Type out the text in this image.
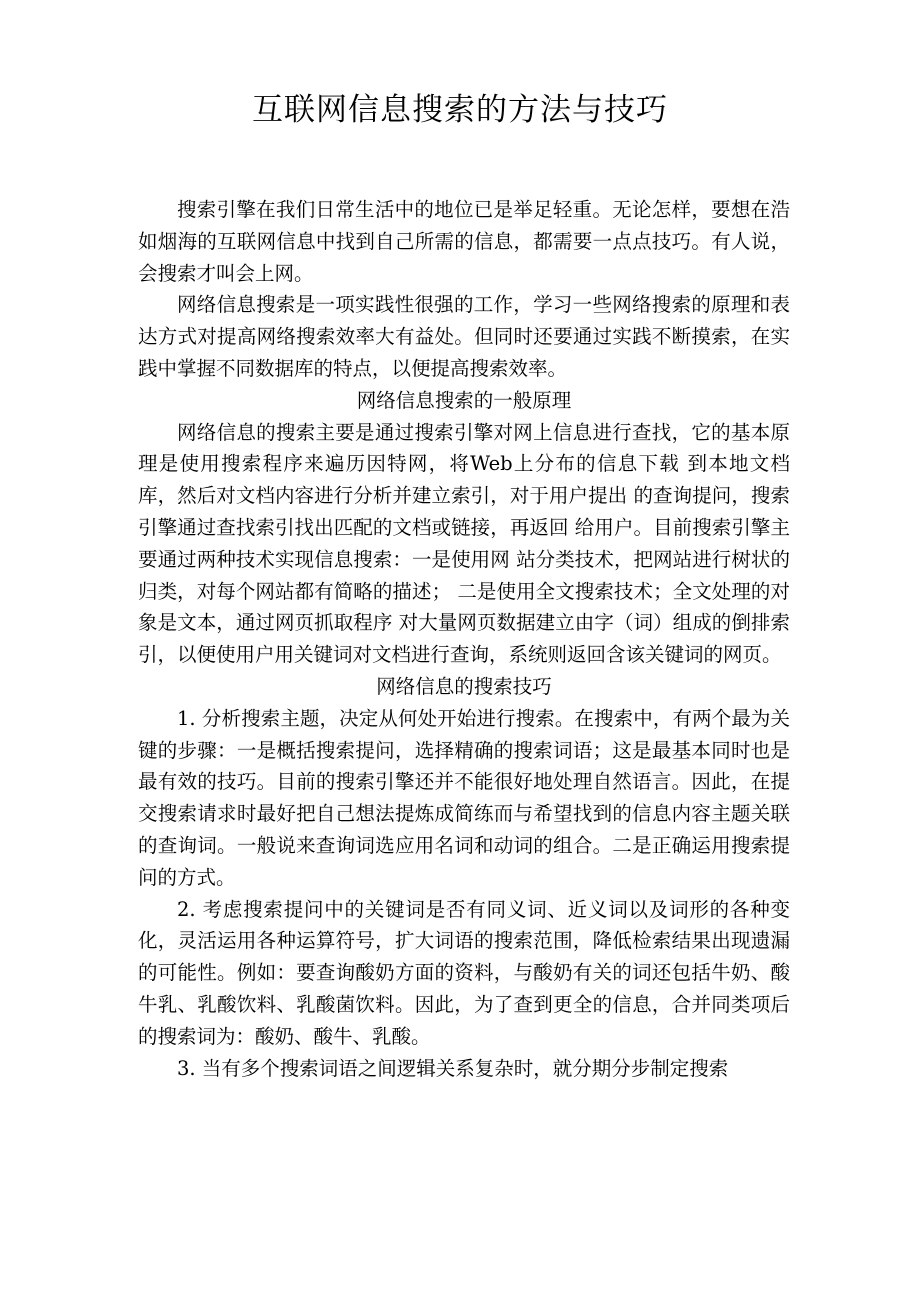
互联网信息搜索的方法与技巧

搜索引擎在我们日常生活中的地位已是举足轻重。无论怎样，要想在浩如烟海的互联网信息中找到自己所需的信息，都需要一点点技巧。有人说，会搜索才叫会上网。

网络信息搜索是一项实践性很强的工作，学习一些网络搜索的原理和表达方式对提高网络搜索效率大有益处。但同时还要通过实践不断摸索，在实践中掌握不同数据库的特点，以便提高搜索效率。

网络信息搜索的一般原理

网络信息的搜索主要是通过搜索引擎对网上信息进行查找，它的基本原理是使用搜索程序来遍历因特网，将Web上分布的信息下载 到本地文档库，然后对文档内容进行分析并建立索引，对于用户提出 的查询提问，搜索引擎通过查找索引找出匹配的文档或链接，再返回 给用户。目前搜索引擎主要通过两种技术实现信息搜索：一是使用网 站分类技术，把网站进行树状的归类，对每个网站都有简略的描述； 二是使用全文搜索技术；全文处理的对象是文本，通过网页抓取程序 对大量网页数据建立由字（词）组成的倒排索引，以便使用户用关键词对文档进行查询，系统则返回含该关键词的网页。

网络信息的搜索技巧

1. 分析搜索主题，决定从何处开始进行搜索。在搜索中，有两个最为关键的步骤：一是概括搜索提问，选择精确的搜索词语；这是最基本同时也是最有效的技巧。目前的搜索引擎还并不能很好地处理自然语言。因此，在提交搜索请求时最好把自己想法提炼成简练而与希望找到的信息内容主题关联的查询词。一般说来查询词选应用名词和动词的组合。二是正确运用搜索提问的方式。

2. 考虑搜索提问中的关键词是否有同义词、近义词以及词形的各种变化，灵活运用各种运算符号，扩大词语的搜索范围，降低检索结果出现遗漏的可能性。例如：要查询酸奶方面的资料，与酸奶有关的词还包括牛奶、酸牛乳、乳酸饮料、乳酸菌饮料。因此，为了查到更全的信息，合并同类项后的搜索词为：酸奶、酸牛、乳酸。

3. 当有多个搜索词语之间逻辑关系复杂时，就分期分步制定搜索
